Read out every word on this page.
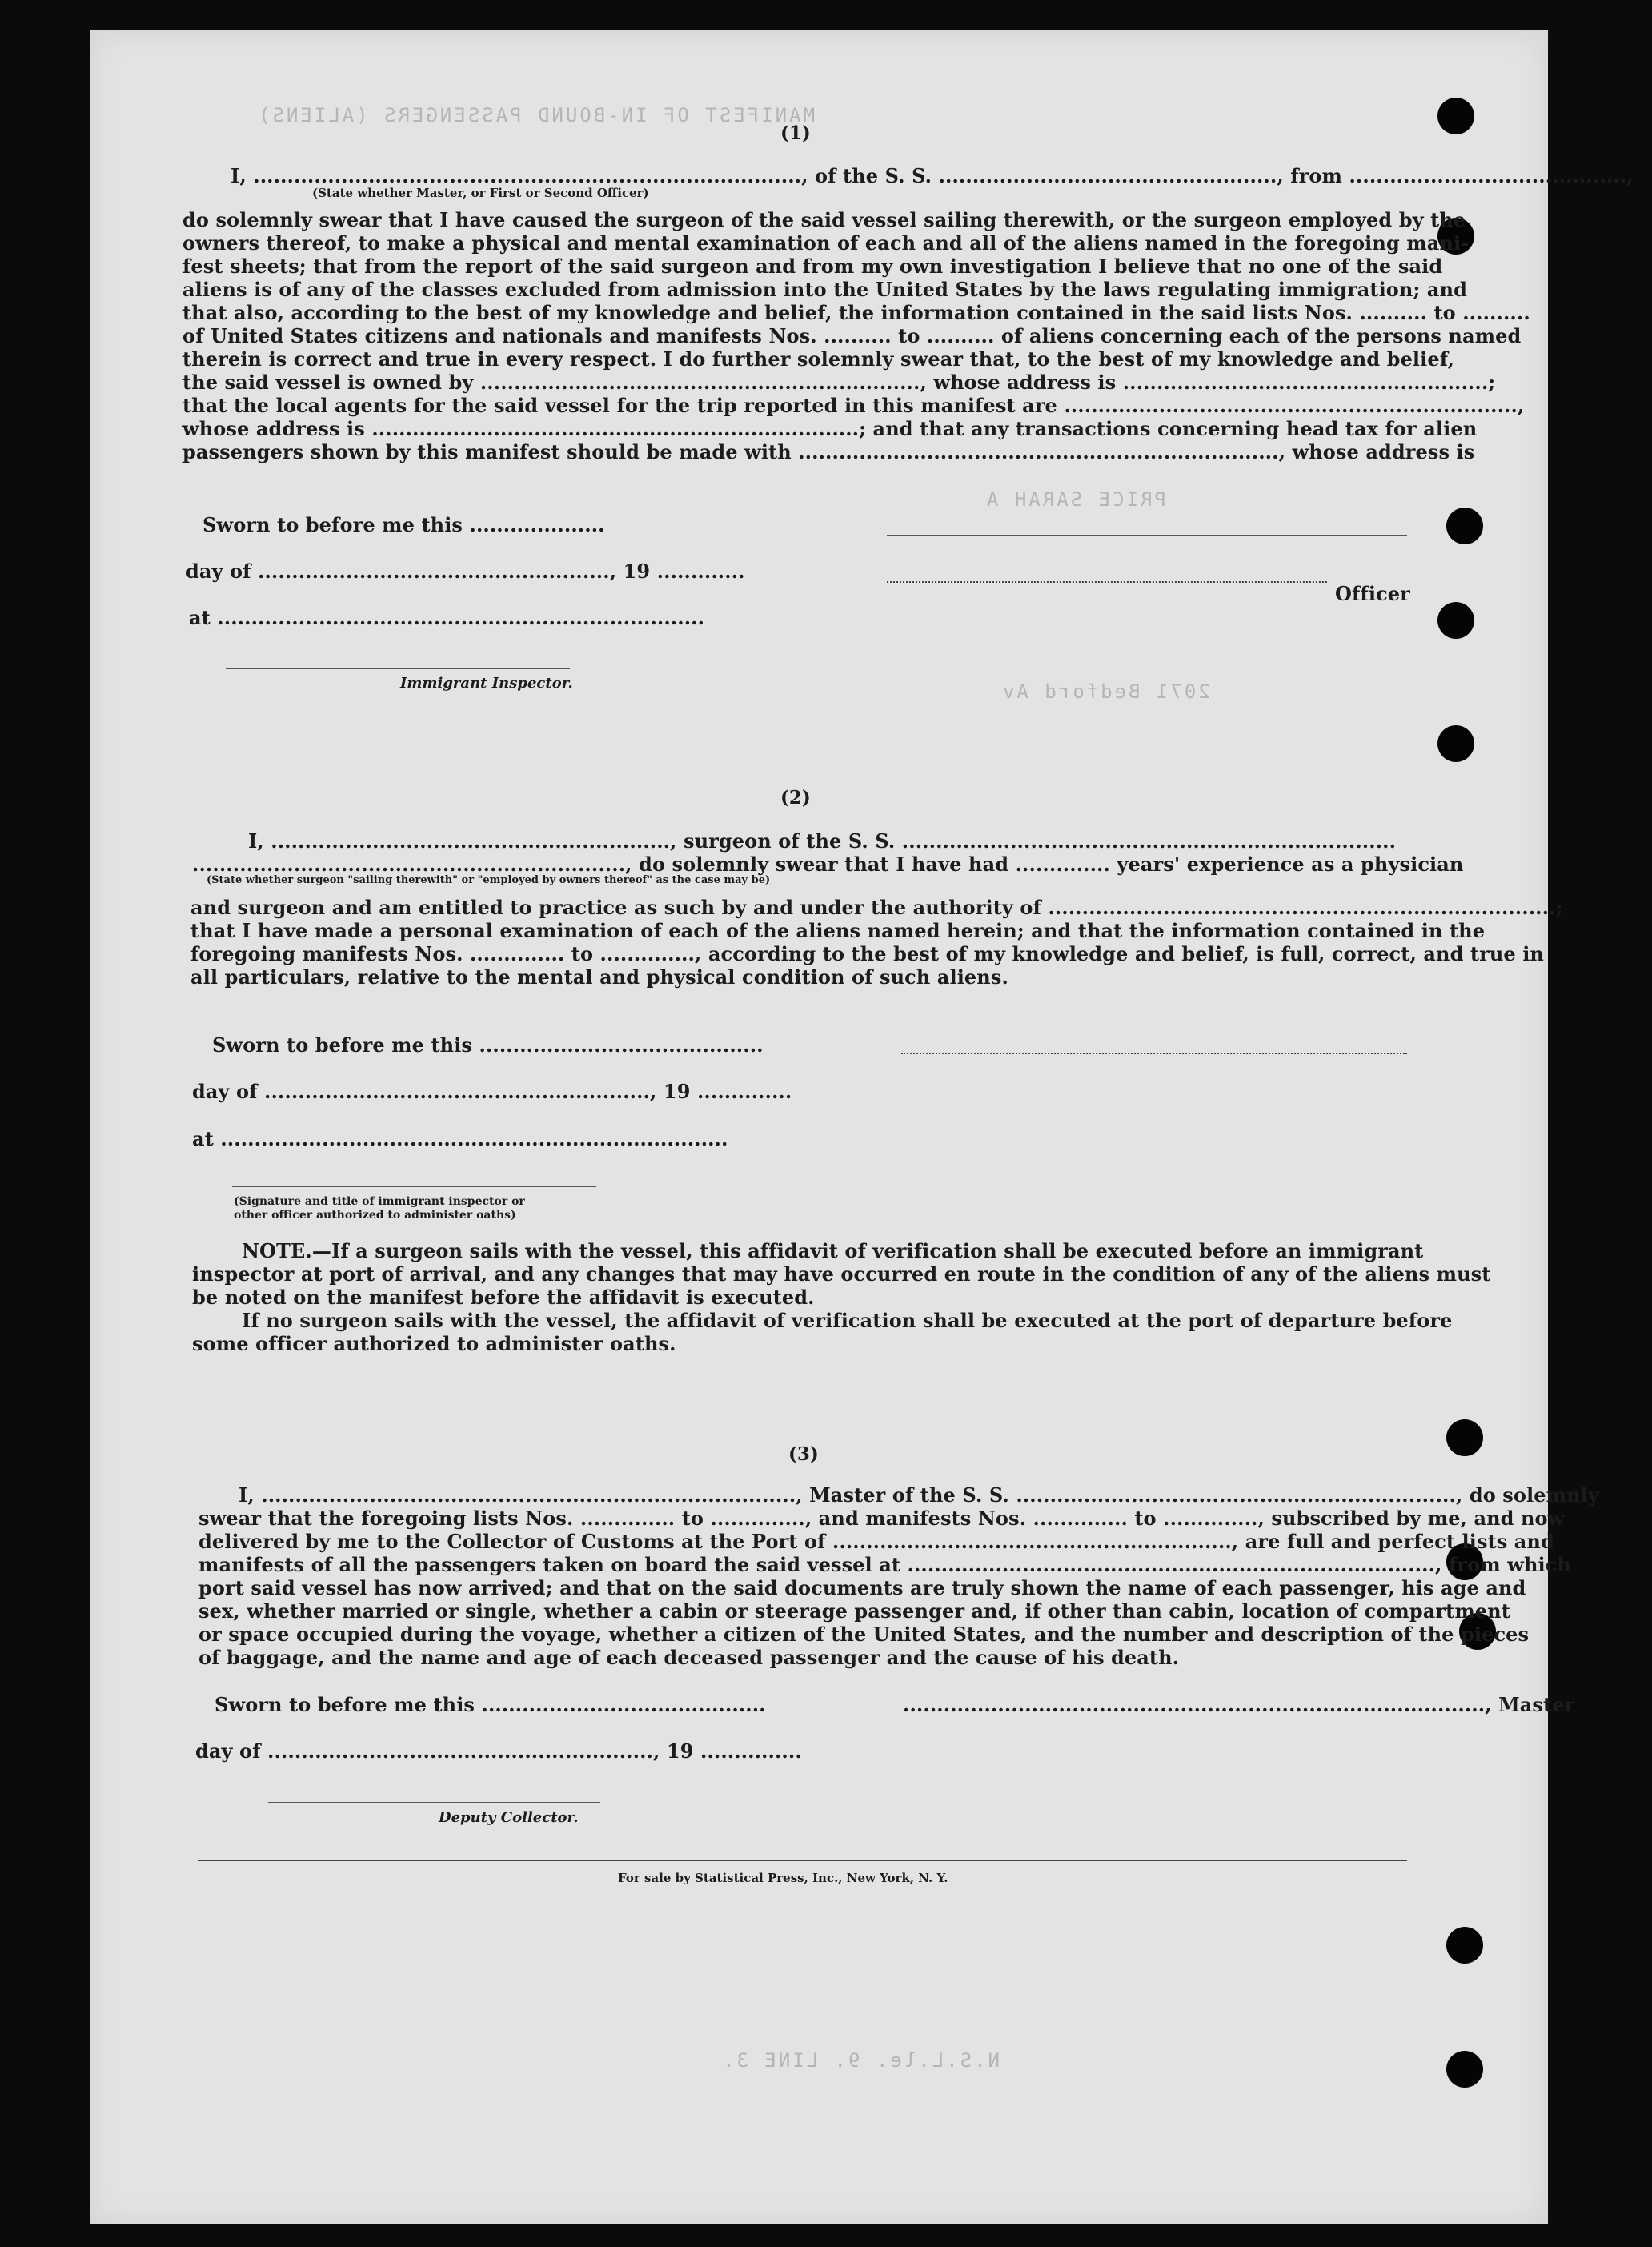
MANIFEST OF IN-BOUND PASSENGERS (ALIENS)
PRICE SARAH A
2071 Bedford Av
N.S.L.le. 9. LINE 3.
(1)
I, ................................................................................., of the S. S. .................................................., from .........................................,
(State whether Master, or First or Second Officer)
do solemnly swear that I have caused the surgeon of the said vessel sailing therewith, or the surgeon employed by the
owners thereof, to make a physical and mental examination of each and all of the aliens named in the foregoing mani-
fest sheets; that from the report of the said surgeon and from my own investigation I believe that no one of the said
aliens is of any of the classes excluded from admission into the United States by the laws regulating immigration; and
that also, according to the best of my knowledge and belief, the information contained in the said lists Nos. .......... to ..........
of United States citizens and nationals and manifests Nos. .......... to .......... of aliens concerning each of the persons named
therein is correct and true in every respect. I do further solemnly swear that, to the best of my knowledge and belief,
the said vessel is owned by ................................................................., whose address is ......................................................;
that the local agents for the said vessel for the trip reported in this manifest are ...................................................................,
whose address is ........................................................................; and that any transactions concerning head tax for alien
passengers shown by this manifest should be made with ......................................................................., whose address is
Sworn to before me this ....................
day of ...................................................., 19 .............
Officer
at ........................................................................
Immigrant Inspector.
(2)
I, ..........................................................., surgeon of the S. S. .........................................................................
................................................................, do solemnly swear that I have had .............. years' experience as a physician
(State whether surgeon "sailing therewith" or "employed by owners thereof" as the case may be)
and surgeon and am entitled to practice as such by and under the authority of ...........................................................................;
that I have made a personal examination of each of the aliens named herein; and that the information contained in the
foregoing manifests Nos. .............. to .............., according to the best of my knowledge and belief, is full, correct, and true in
all particulars, relative to the mental and physical condition of such aliens.
Sworn to before me this ..........................................
day of ........................................................., 19 ..............
at ...........................................................................
(Signature and title of immigrant inspector or
other officer authorized to administer oaths)
NOTE.—If a surgeon sails with the vessel, this affidavit of verification shall be executed before an immigrant
inspector at port of arrival, and any changes that may have occurred en route in the condition of any of the aliens must
be noted on the manifest before the affidavit is executed.
If no surgeon sails with the vessel, the affidavit of verification shall be executed at the port of departure before
some officer authorized to administer oaths.
(3)
I, ..............................................................................., Master of the S. S. ................................................................., do solemnly
swear that the foregoing lists Nos. .............. to .............., and manifests Nos. .............. to .............., subscribed by me, and now
delivered by me to the Collector of Customs at the Port of ..........................................................., are full and perfect lists and
manifests of all the passengers taken on board the said vessel at .............................................................................., from which
port said vessel has now arrived; and that on the said documents are truly shown the name of each passenger, his age and
sex, whether married or single, whether a cabin or steerage passenger and, if other than cabin, location of compartment
or space occupied during the voyage, whether a citizen of the United States, and the number and description of the pieces
of baggage, and the name and age of each deceased passenger and the cause of his death.
Sworn to before me this ..........................................	......................................................................................, Master
day of ........................................................., 19 ...............
Deputy Collector.
For sale by Statistical Press, Inc., New York, N. Y.
